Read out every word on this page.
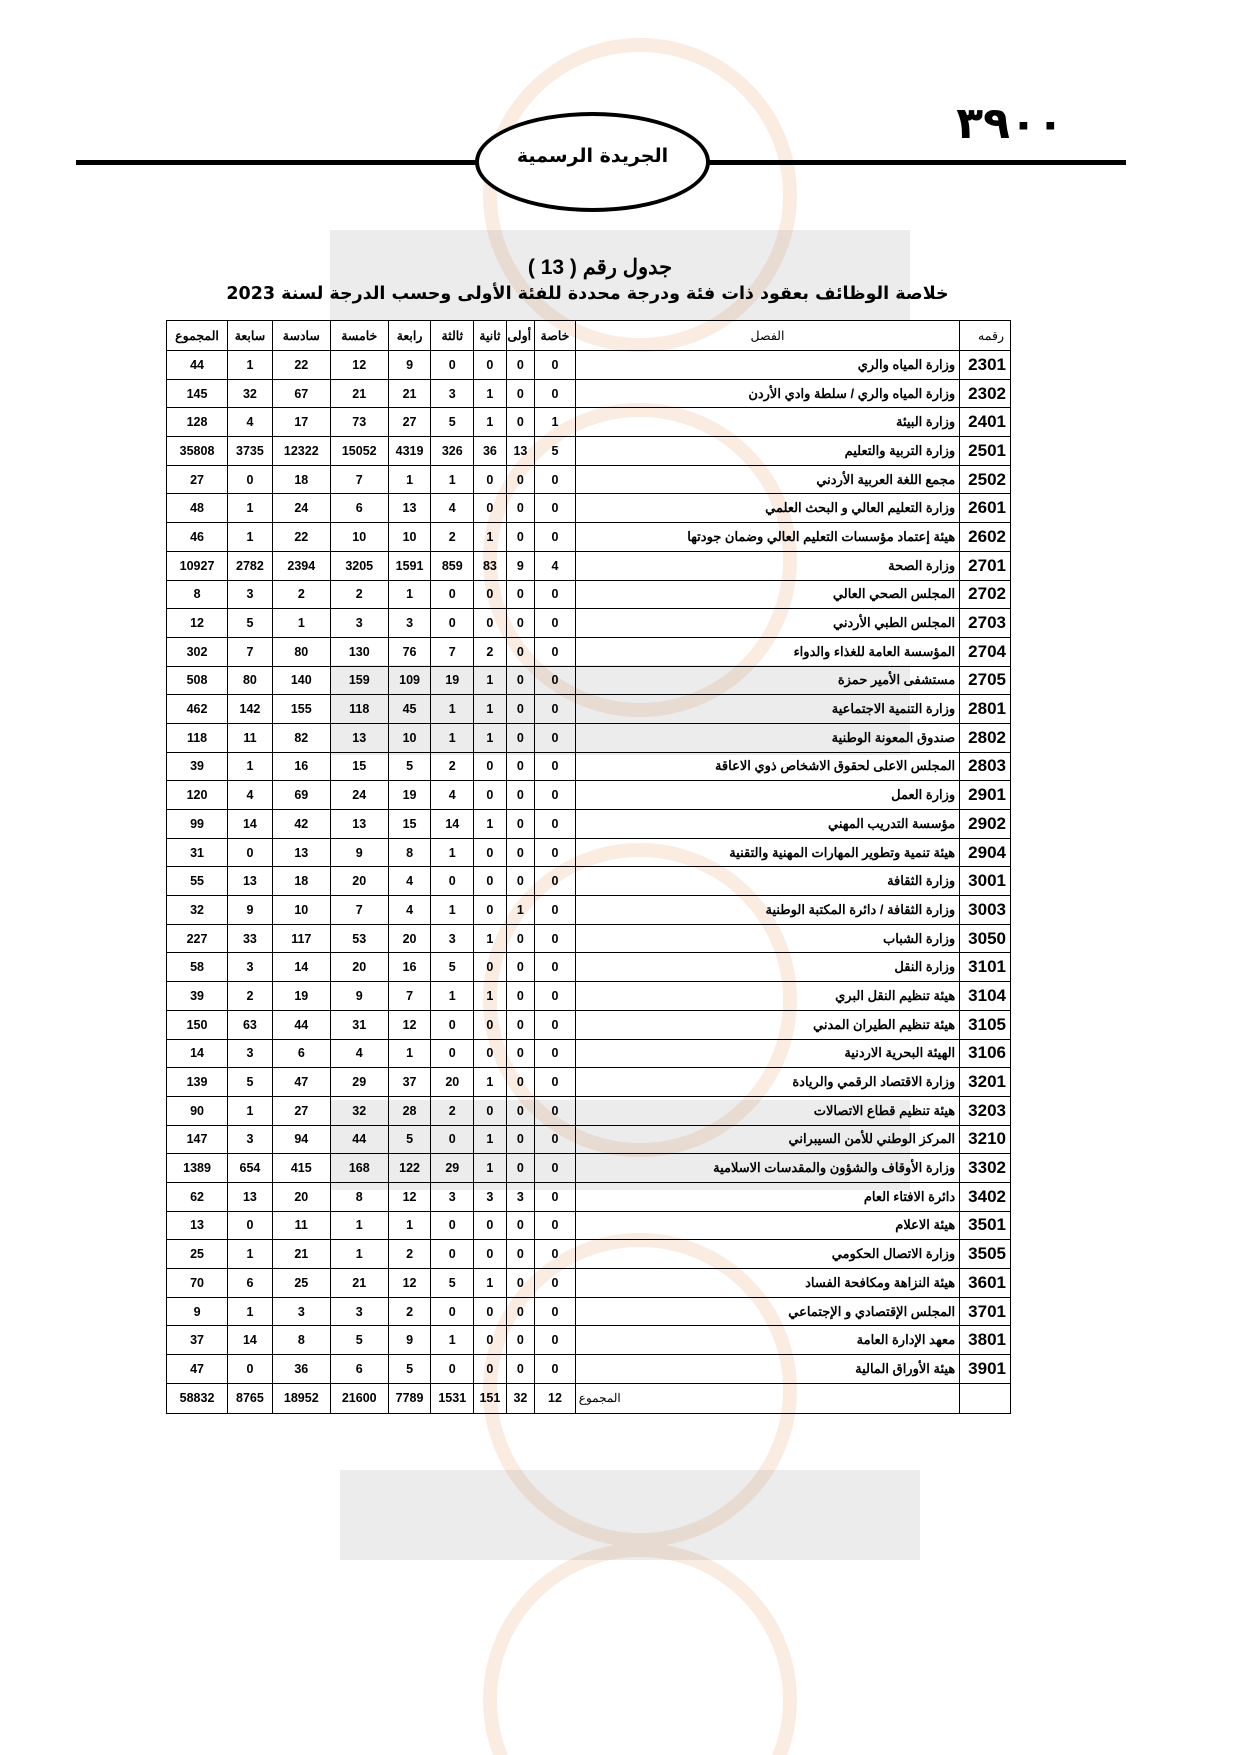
٣٩٠٠
الجريدة الرسمية
جدول رقم ( 13 )
خلاصة الوظائف بعقود ذات فئة ودرجة محددة للفئة الأولى وحسب الدرجة لسنة 2023
رقمه	الفصل	خاصة	أولى	ثانية	ثالثة	رابعة	خامسة	سادسة	سابعة	المجموع
2301	وزارة المياه والري	0	0	0	0	9	12	22	1	44
2302	وزارة المياه والري / سلطة وادي الأردن	0	0	1	3	21	21	67	32	145
2401	وزارة البيئة	1	0	1	5	27	73	17	4	128
2501	وزارة التربية والتعليم	5	13	36	326	4319	15052	12322	3735	35808
2502	مجمع اللغة العربية الأردني	0	0	0	1	1	7	18	0	27
2601	وزارة التعليم العالي و البحث العلمي	0	0	0	4	13	6	24	1	48
2602	هيئة إعتماد مؤسسات التعليم العالي وضمان جودتها	0	0	1	2	10	10	22	1	46
2701	وزارة الصحة	4	9	83	859	1591	3205	2394	2782	10927
2702	المجلس الصحي العالي	0	0	0	0	1	2	2	3	8
2703	المجلس الطبي الأردني	0	0	0	0	3	3	1	5	12
2704	المؤسسة العامة للغذاء والدواء	0	0	2	7	76	130	80	7	302
2705	مستشفى الأمير حمزة	0	0	1	19	109	159	140	80	508
2801	وزارة التنمية الاجتماعية	0	0	1	1	45	118	155	142	462
2802	صندوق المعونة الوطنية	0	0	1	1	10	13	82	11	118
2803	المجلس الاعلى لحقوق الاشخاص ذوي الاعاقة	0	0	0	2	5	15	16	1	39
2901	وزارة العمل	0	0	0	4	19	24	69	4	120
2902	مؤسسة التدريب المهني	0	0	1	14	15	13	42	14	99
2904	هيئة تنمية وتطوير المهارات المهنية والتقنية	0	0	0	1	8	9	13	0	31
3001	وزارة الثقافة	0	0	0	0	4	20	18	13	55
3003	وزارة الثقافة / دائرة المكتبة الوطنية	0	1	0	1	4	7	10	9	32
3050	وزارة الشباب	0	0	1	3	20	53	117	33	227
3101	وزارة النقل	0	0	0	5	16	20	14	3	58
3104	هيئة تنظيم النقل البري	0	0	1	1	7	9	19	2	39
3105	هيئة تنظيم الطيران المدني	0	0	0	0	12	31	44	63	150
3106	الهيئة البحرية الاردنية	0	0	0	0	1	4	6	3	14
3201	وزارة الاقتصاد الرقمي والريادة	0	0	1	20	37	29	47	5	139
3203	هيئة تنظيم قطاع الاتصالات	0	0	0	2	28	32	27	1	90
3210	المركز الوطني للأمن السيبراني	0	0	1	0	5	44	94	3	147
3302	وزارة الأوقاف والشؤون والمقدسات الاسلامية	0	0	1	29	122	168	415	654	1389
3402	دائرة الافتاء العام	0	3	3	3	12	8	20	13	62
3501	هيئة الاعلام	0	0	0	0	1	1	11	0	13
3505	وزارة الاتصال الحكومي	0	0	0	0	2	1	21	1	25
3601	هيئة النزاهة ومكافحة الفساد	0	0	1	5	12	21	25	6	70
3701	المجلس الإقتصادي و الإجتماعي	0	0	0	0	2	3	3	1	9
3801	معهد الإدارة العامة	0	0	0	1	9	5	8	14	37
3901	هيئة الأوراق المالية	0	0	0	0	5	6	36	0	47
	المجموع	12	32	151	1531	7789	21600	18952	8765	58832
